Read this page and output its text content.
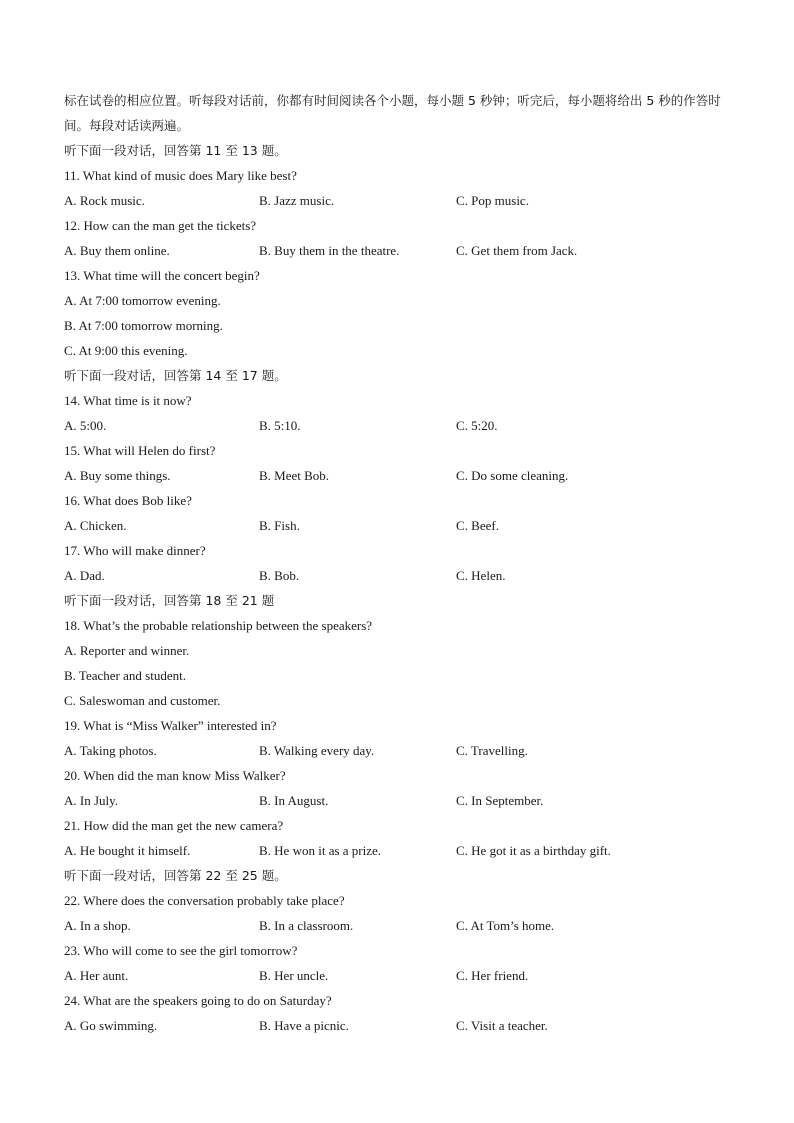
标在试卷的相应位置。听每段对话前，你都有时间阅读各个小题，每小题 5 秒钟；听完后，每小题将给出 5 秒的作答时间。每段对话读两遍。
听下面一段对话，回答第 11 至 13 题。
11. What kind of music does Mary like best?
A. Rock music.	B. Jazz music.	C. Pop music.
12. How can the man get the tickets?
A. Buy them online.	B. Buy them in the theatre.	C. Get them from Jack.
13. What time will the concert begin?
A. At 7:00 tomorrow evening.
B. At 7:00 tomorrow morning.
C. At 9:00 this evening.
听下面一段对话，回答第 14 至 17 题。
14. What time is it now?
A. 5:00.	B. 5:10.	C. 5:20.
15. What will Helen do first?
A. Buy some things.	B. Meet Bob.	C. Do some cleaning.
16. What does Bob like?
A. Chicken.	B. Fish.	C. Beef.
17. Who will make dinner?
A. Dad.	B. Bob.	C. Helen.
听下面一段对话，回答第 18 至 21 题
18. What’s the probable relationship between the speakers?
A. Reporter and winner.
B. Teacher and student.
C. Saleswoman and customer.
19. What is “Miss Walker” interested in?
A. Taking photos.	B. Walking every day.	C. Travelling.
20. When did the man know Miss Walker?
A. In July.	B. In August.	C. In September.
21. How did the man get the new camera?
A. He bought it himself.	B. He won it as a prize.	C. He got it as a birthday gift.
听下面一段对话，回答第 22 至 25 题。
22. Where does the conversation probably take place?
A. In a shop.	B. In a classroom.	C. At Tom’s home.
23. Who will come to see the girl tomorrow?
A. Her aunt.	B. Her uncle.	C. Her friend.
24. What are the speakers going to do on Saturday?
A. Go swimming.	B. Have a picnic.	C. Visit a teacher.
